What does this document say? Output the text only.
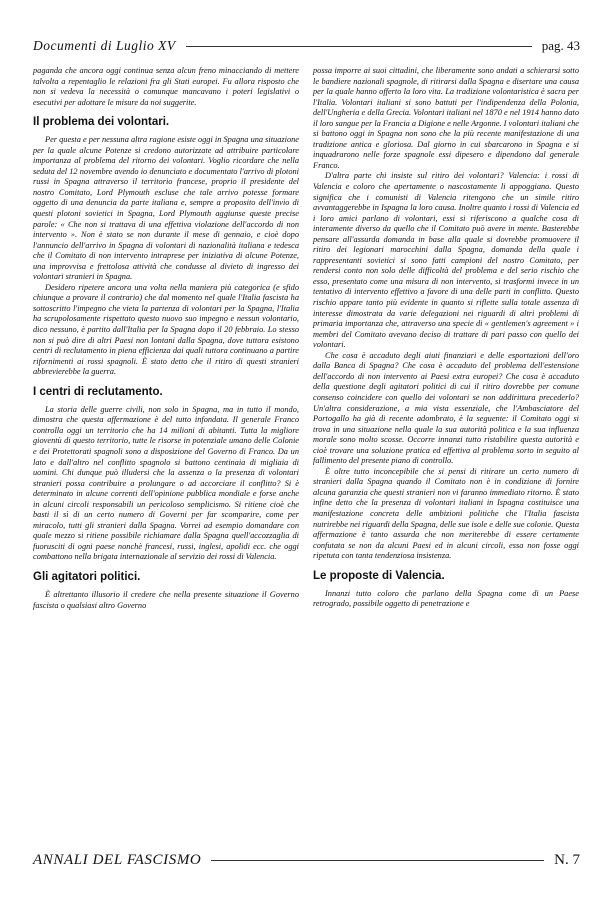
Documenti di Luglio XV	pag. 43

paganda che ancora oggi continua senza alcun freno minacciando di mettere talvolta a repentaglio le relazioni fra gli Stati europei. Fu allora risposto che non si vedeva la necessità o comunque mancavano i poteri legislativi o esecutivi per adottare le misure da noi suggerite.

Il problema dei volontari.

Per questa e per nessuna altra ragione esiste oggi in Spagna una situazione per la quale alcune Potenze si credono autorizzate ad attribuire particolare importanza al problema del ritorno dei volontari. Voglio ricordare che nella seduta del 12 novembre avendo io denunciato e documentato l'arrivo di plotoni russi in Spagna attraverso il territorio francese, proprio il presidente del nostro Comitato, Lord Plymouth escluse che tale arrivo potesse formare oggetto di una denuncia da parte italiana e, sempre a proposito dell'invio di questi plotoni sovietici in Spagna, Lord Plymouth aggiunse queste precise parole: « Che non si trattava di una effettiva violazione dell'accordo di non intervento ». Non è stato se non durante il mese di gennaio, e cioè dopo l'annuncio dell'arrivo in Spagna di volontari di nazionalità italiana e tedesca che il Comitato di non intervento intraprese per iniziativa di alcune Potenze, una improvvisa e frettolosa attività che condusse al divieto di ingresso dei volontari stranieri in Spagna.

Desidero ripetere ancora una volta nella maniera più categorica (e sfido chiunque a provare il contrario) che dal momento nel quale l'Italia fascista ha sottoscritto l'impegno che vieta la partenza di volontari per la Spagna, l'Italia ha scrupolosamente rispettato questo nuovo suo impegno e nessun volontario, dico nessuno, è partito dall'Italia per la Spagna dopo il 20 febbraio. Lo stesso non si può dire di altri Paesi non lontani dalla Spagna, dove tuttora esistono centri di reclutamento in piena efficienza dai quali tuttora continuano a partire rifornimenti ai rossi spagnoli. È stato detto che il ritiro di questi stranieri abbrevierebbe la guerra.

I centri di reclutamento.

La storia delle guerre civili, non solo in Spagna, ma in tutto il mondo, dimostra che questa affermazione è del tutto infondata. Il generale Franco controlla oggi un territorio che ha 14 milioni di abitanti. Tutta la migliore gioventù di questo territorio, tutte le risorse in potenziale umano delle Colonie e dei Protettorati spagnoli sono a disposizione del Governo di Franco. Da un lato e dall'altro nel conflitto spagnolo si battono centinaia di migliaia di uomini. Chi dunque può illudersi che la assenza o la presenza di volontari stranieri possa contribuire a prolungare o ad accorciare il conflitto? Si è determinato in alcune correnti dell'opinione pubblica mondiale e forse anche in alcuni circoli responsabili un pericoloso semplicismo. Si ritiene cioè che basti il sì di un certo numero di Governi per far scomparire, come per miracolo, tutti gli stranieri dalla Spagna. Vorrei ad esempio domandare con quale mezzo si ritiene possibile richiamare dalla Spagna quell'accozzaglia di fuorusciti di ogni paese nonchè francesi, russi, inglesi, apolidi ecc. che oggi combattono nella brigata internazionale al servizio dei rossi di Valencia.

Gli agitatori politici.

È altrettanto illusorio il credere che nella presente situazione il Governo fascista o qualsiasi altro Governo

possa imporre ai suoi cittadini, che liberamente sono andati a schierarsi sotto le bandiere nazionali spagnole, di ritirarsi dalla Spagna e disertare una causa per la quale hanno offerto la loro vita. La tradizione volontaristica è sacra per l'Italia. Volontari italiani si sono battuti per l'indipendenza della Polonia, dell'Ungheria e della Grecia. Volontari italiani nel 1870 e nel 1914 hanno dato il loro sangue per la Francia a Digione e nelle Argonne. I volontari italiani che si battono oggi in Spagna non sono che la più recente manifestazione di una tradizione antica e gloriosa. Dal giorno in cui sbarcarono in Spagna e si inquadrarono nelle forze spagnole essi dipesero e dipendono dal generale Franco.

D'altra parte chi insiste sul ritiro dei volontari? Valencia: i rossi di Valencia e coloro che apertamente o nascostamente li appoggiano. Questo significa che i comunisti di Valencia ritengono che un simile ritiro avvantaggerebbe in Ispagna la loro causa. Inoltre quanto i rossi di Valencia ed i loro amici parlano di volontari, essi si riferiscono a qualche cosa di interamente diverso da quello che il Comitato può avere in mente. Basterebbe pensare all'assurda domanda in base alla quale si dovrebbe promuovere il ritiro dei legionari marocchini dalla Spagna, domanda della quale i rappresentanti sovietici si sono fatti campioni del nostro Comitato, per rendersi conto non solo delle difficoltà del problema e del serio rischio che esso, presentato come una misura di non intervento, si trasformi invece in un tentativo di intervento effettivo a favore di una delle parti in conflitto. Questo rischio appare tanto più evidente in quanto si riflette sulla totale assenza di interesse dimostrata da varie delegazioni nei riguardi di altri problemi di primaria importanza che, attraverso una specie di « gentlemen's agreement » i membri del Comitato avevano deciso di trattare di pari passo con quello dei volontari.

Che cosa è accaduto degli aiuti finanziari e delle esportazioni dell'oro dalla Banca di Spagna? Che cosa è accaduto del problema dell'estensione dell'accordo di non intervento ai Paesi extra europei? Che cosa è accaduto della questione degli agitatori politici di cui il ritiro dovrebbe per comune consenso coincidere con quello dei volontari se non addirittura precederlo? Un'altra considerazione, a mia vista essenziale, che l'Ambasciatore del Portogallo ha già di recente adombrato, è la seguente: il Comitato oggi si trova in una situazione nella quale la sua autorità politica e la sua influenza morale sono molto scosse. Occorre innanzi tutto ristabilire questa autorità e cioè trovare una soluzione pratica ed effettiva al problema sorto in seguito al fallimento del presente piano di controllo.

È oltre tutto inconcepibile che si pensi di ritirare un certo numero di stranieri dalla Spagna quando il Comitato non è in condizione di fornire alcuna garanzia che questi stranieri non vi faranno immediato ritorno. È stato infine detto che la presenza di volontari italiani in Ispagna costituisce una manifestazione concreta delle ambizioni politiche che l'Italia fascista nutrirebbe nei riguardi della Spagna, delle sue isole e delle sue colonie. Questa affermazione è tanto assurda che non meriterebbe di essere certamente confutata se non da alcuni Paesi ed in alcuni circoli, essa non fosse oggi ripetuta con tanta tendenziosa insistenza.

Le proposte di Valencia.

Innanzi tutto coloro che parlano della Spagna come di un Paese retrogrado, possibile oggetto di penetrazione e

ANNALI DEL FASCISMO	N. 7
